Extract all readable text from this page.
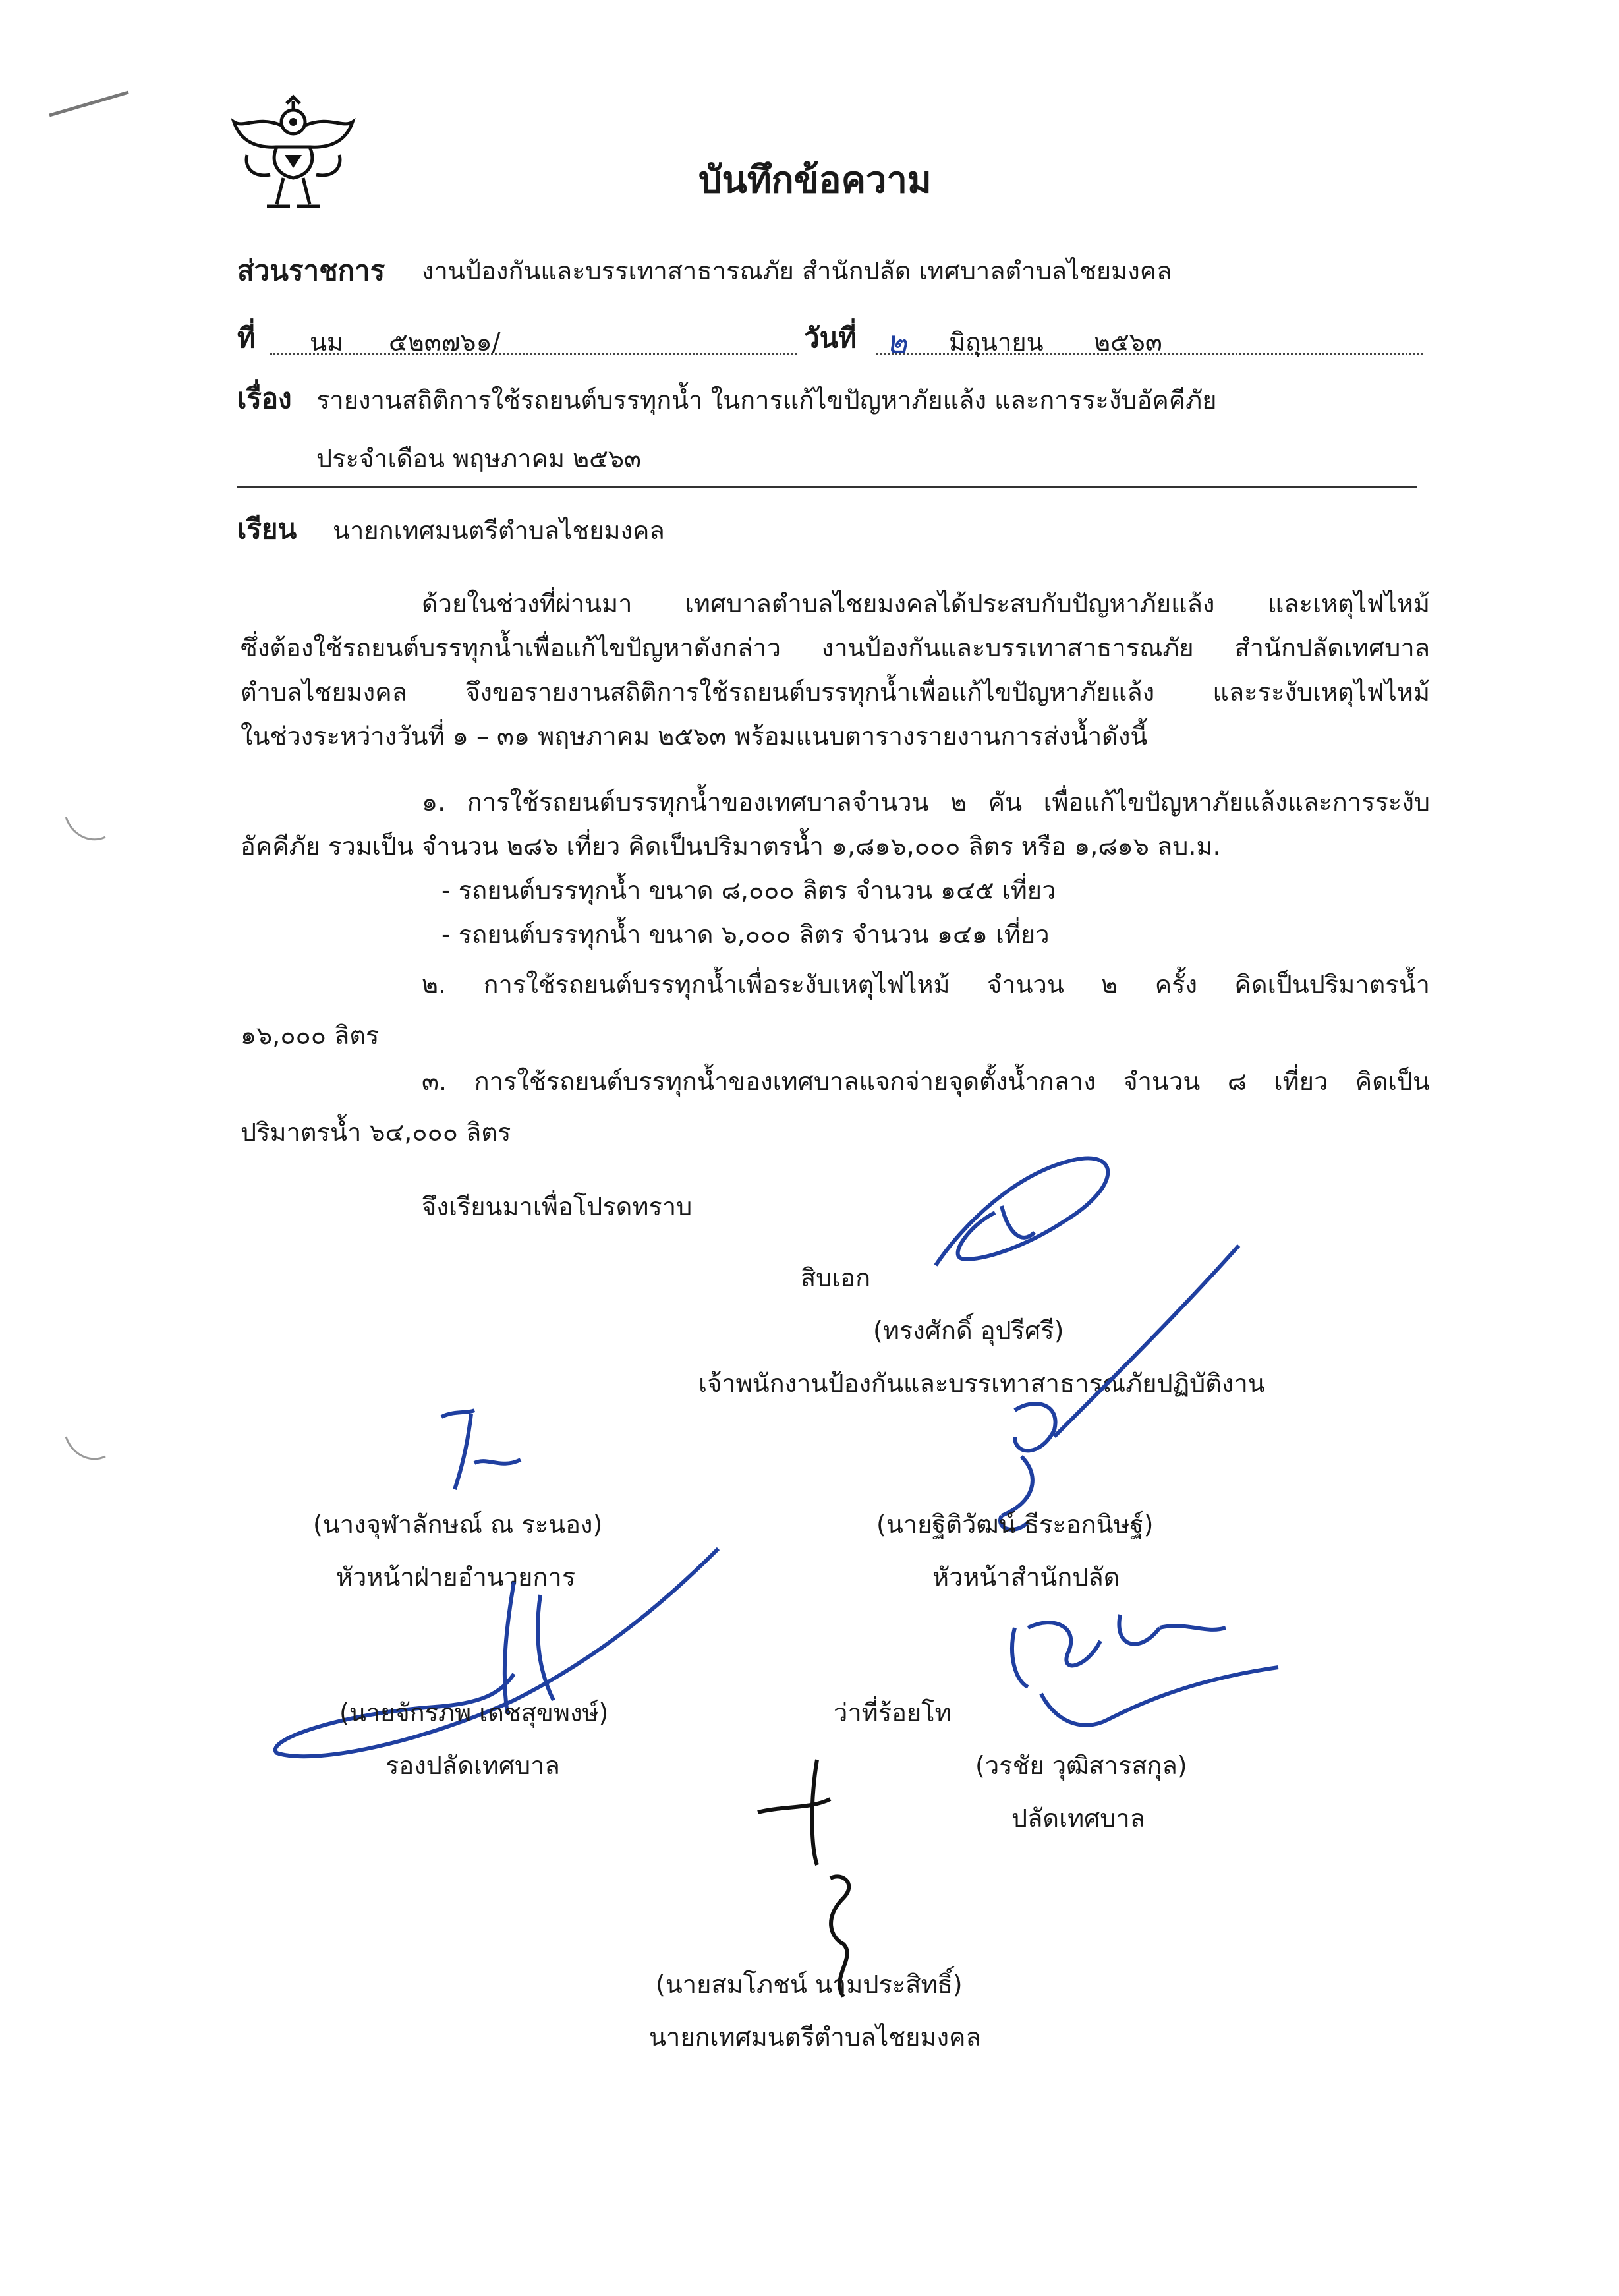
บันทึกข้อความ
ส่วนราชการ งานป้องกันและบรรเทาสาธารณภัย สำนักปลัด เทศบาลตำบลไชยมงคล
ที่ นม ๕๒๓๗๖๑/	วันที่ ๒ มิถุนายน ๒๕๖๓
เรื่อง รายงานสถิติการใช้รถยนต์บรรทุกน้ำ ในการแก้ไขปัญหาภัยแล้ง และการระงับอัคคีภัย
ประจำเดือน พฤษภาคม ๒๕๖๓
เรียน นายกเทศมนตรีตำบลไชยมงคล
ด้วยในช่วงที่ผ่านมา เทศบาลตำบลไชยมงคลได้ประสบกับปัญหาภัยแล้ง และเหตุไฟไหม้
ซึ่งต้องใช้รถยนต์บรรทุกน้ำเพื่อแก้ไขปัญหาดังกล่าว งานป้องกันและบรรเทาสาธารณภัย สำนักปลัดเทศบาล
ตำบลไชยมงคล จึงขอรายงานสถิติการใช้รถยนต์บรรทุกน้ำเพื่อแก้ไขปัญหาภัยแล้ง และระงับเหตุไฟไหม้
ในช่วงระหว่างวันที่ ๑ – ๓๑ พฤษภาคม ๒๕๖๓ พร้อมแนบตารางรายงานการส่งน้ำดังนี้
๑. การใช้รถยนต์บรรทุกน้ำของเทศบาลจำนวน ๒ คัน เพื่อแก้ไขปัญหาภัยแล้งและการระงับ
อัคคีภัย รวมเป็น จำนวน ๒๘๖ เที่ยว คิดเป็นปริมาตรน้ำ ๑,๘๑๖,๐๐๐ ลิตร หรือ ๑,๘๑๖ ลบ.ม.
- รถยนต์บรรทุกน้ำ ขนาด ๘,๐๐๐ ลิตร จำนวน ๑๔๕ เที่ยว
- รถยนต์บรรทุกน้ำ ขนาด ๖,๐๐๐ ลิตร จำนวน ๑๔๑ เที่ยว
๒. การใช้รถยนต์บรรทุกน้ำเพื่อระงับเหตุไฟไหม้ จำนวน ๒ ครั้ง คิดเป็นปริมาตรน้ำ
๑๖,๐๐๐ ลิตร
๓. การใช้รถยนต์บรรทุกน้ำของเทศบาลแจกจ่ายจุดตั้งน้ำกลาง จำนวน ๘ เที่ยว คิดเป็น
ปริมาตรน้ำ ๖๔,๐๐๐ ลิตร
จึงเรียนมาเพื่อโปรดทราบ
สิบเอก
(ทรงศักดิ์ อุปรีศรี)
เจ้าพนักงานป้องกันและบรรเทาสาธารณภัยปฏิบัติงาน
(นางจุฬาลักษณ์ ณ ระนอง)
หัวหน้าฝ่ายอำนวยการ
(นายฐิติวัฒน์ ธีระอกนิษฐ์)
หัวหน้าสำนักปลัด
(นายจักรภพ เดชสุขพงษ์)
รองปลัดเทศบาล
ว่าที่ร้อยโท
(วรชัย วุฒิสารสกุล)
ปลัดเทศบาล
(นายสมโภชน์ นามประสิทธิ์)
นายกเทศมนตรีตำบลไชยมงคล
